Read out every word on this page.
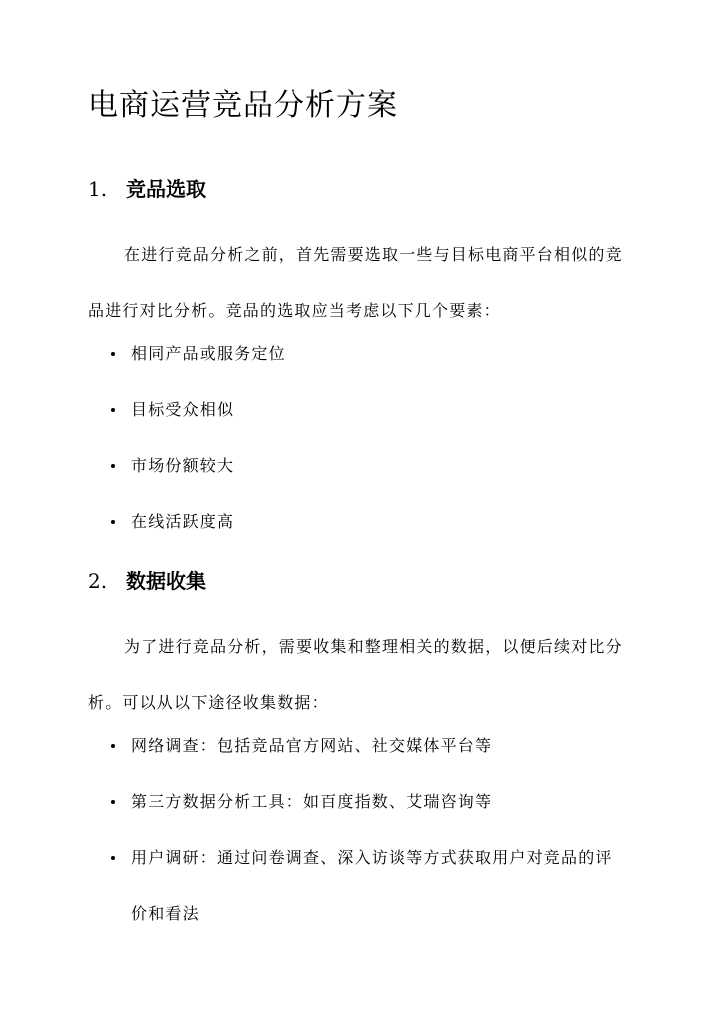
电商运营竞品分析方案
1. 竞品选取

在进行竞品分析之前，首先需要选取一些与目标电商平台相似的竞品进行对比分析。竞品的选取应当考虑以下几个要素：

相同产品或服务定位
目标受众相似
市场份额较大
在线活跃度高
2. 数据收集

为了进行竞品分析，需要收集和整理相关的数据，以便后续对比分析。可以从以下途径收集数据：

网络调查：包括竞品官方网站、社交媒体平台等
第三方数据分析工具：如百度指数、艾瑞咨询等
用户调研：通过问卷调查、深入访谈等方式获取用户对竞品的评价和看法
